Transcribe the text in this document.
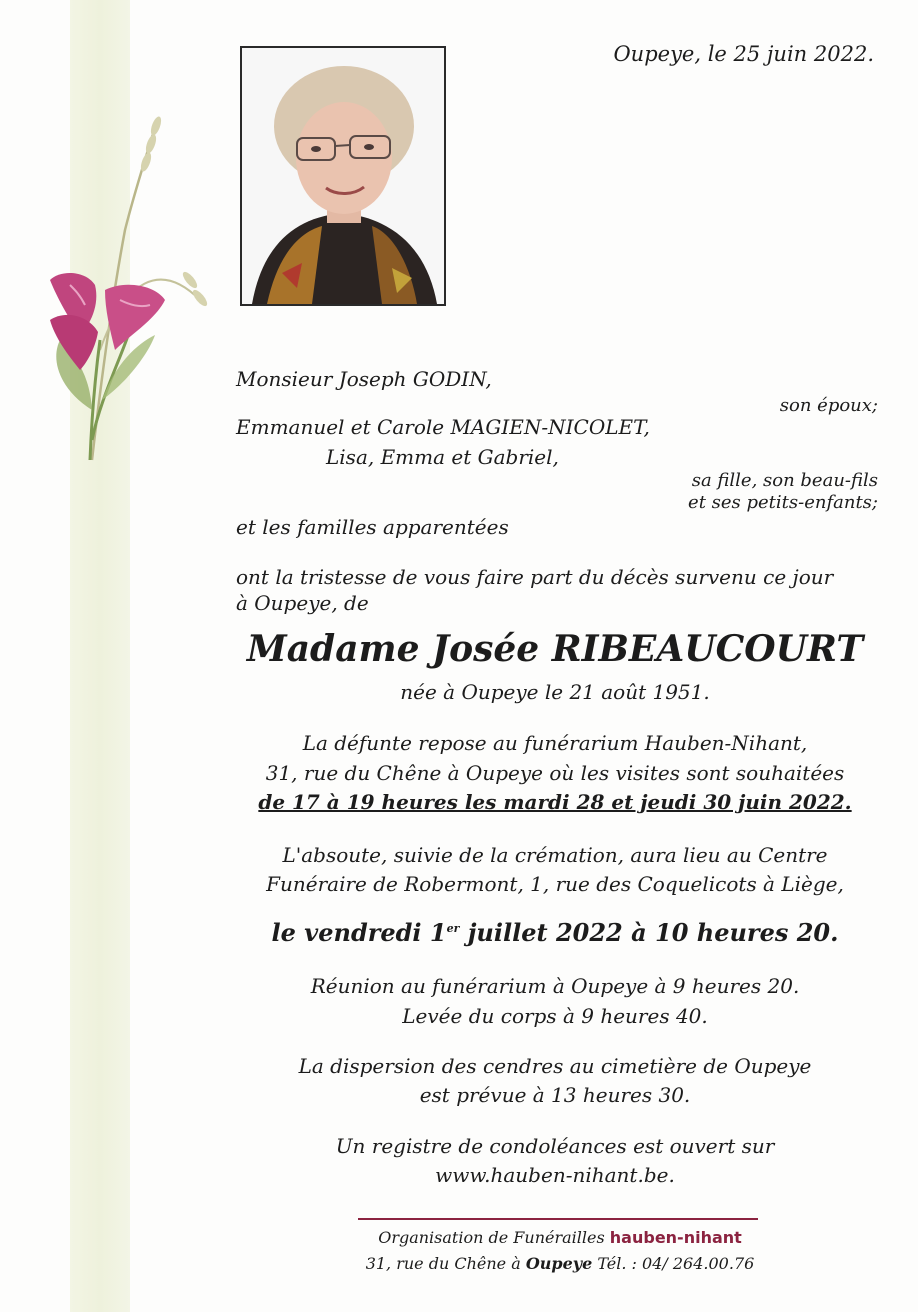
Oupeye, le 25 juin 2022.
Monsieur Joseph GODIN,
son époux;
Emmanuel et Carole MAGIEN-NICOLET,
Lisa, Emma et Gabriel,
sa fille, son beau-fils
et ses petits-enfants;
et les familles apparentées
ont la tristesse de vous faire part du décès survenu ce jour
à Oupeye, de
Madame Josée RIBEAUCOURT
née à Oupeye le 21 août 1951.
La défunte repose au funérarium Hauben-Nihant,
31, rue du Chêne à Oupeye où les visites sont souhaitées
de 17 à 19 heures les mardi 28 et jeudi 30 juin 2022.
L'absoute, suivie de la crémation, aura lieu au Centre
Funéraire de Robermont, 1, rue des Coquelicots à Liège,
le vendredi 1er juillet 2022 à 10 heures 20.
Réunion au funérarium à Oupeye à 9 heures 20.
Levée du corps à 9 heures 40.
La dispersion des cendres au cimetière de Oupeye
est prévue à 13 heures 30.
Un registre de condoléances est ouvert sur
www.hauben-nihant.be.
Organisation de Funérailles hauben-nihant
31, rue du Chêne à Oupeye Tél. : 04/ 264.00.76
